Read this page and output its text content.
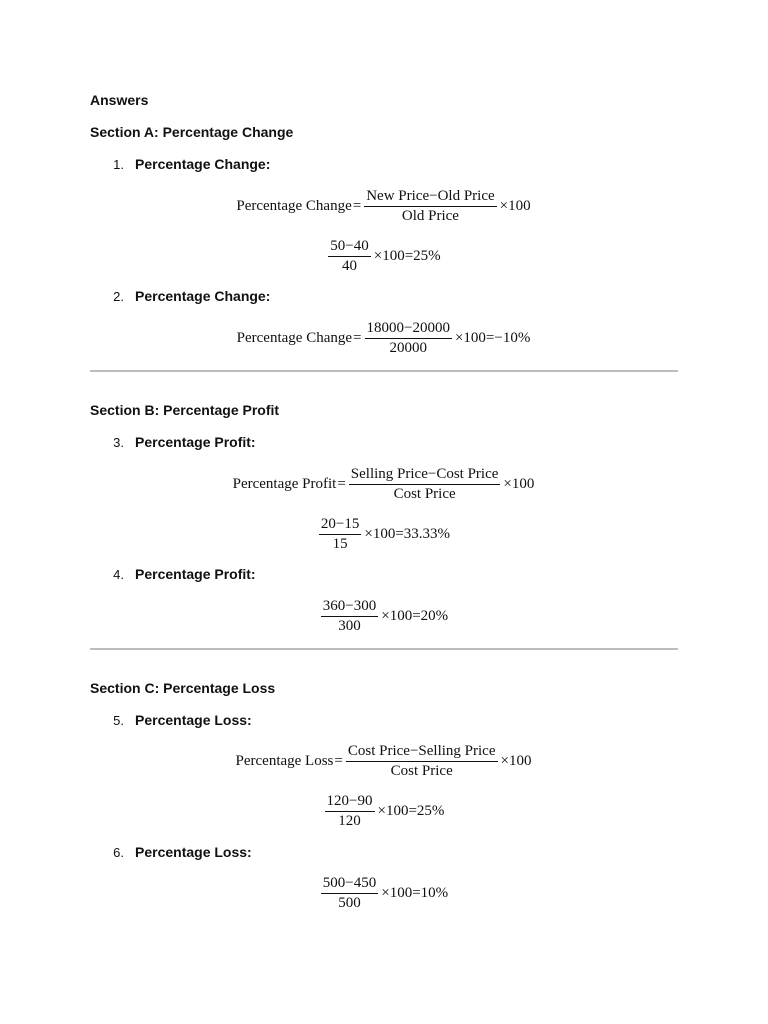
Answers
Section A: Percentage Change
1. Percentage Change:
Percentage Change = $\frac{\text{New Price−Old Price}}{\text{Old Price}} \times 100$
$\frac{50-40}{40} \times 100=25\%$
2. Percentage Change:
Percentage Change = $\frac{18000-20000}{20000} \times 100=-10\%$
Section B: Percentage Profit
3. Percentage Profit:
Percentage Profit = $\frac{\text{Selling Price−Cost Price}}{\text{Cost Price}} \times 100$
$\frac{20-15}{15} \times 100=33.33\%$
4. Percentage Profit:
$\frac{360-300}{300} \times 100=20\%$
Section C: Percentage Loss
5. Percentage Loss:
Percentage Loss = $\frac{\text{Cost Price−Selling Price}}{\text{Cost Price}} \times 100$
$\frac{120-90}{120} \times 100=25\%$
6. Percentage Loss:
$\frac{500-450}{500} \times 100=10\%$
